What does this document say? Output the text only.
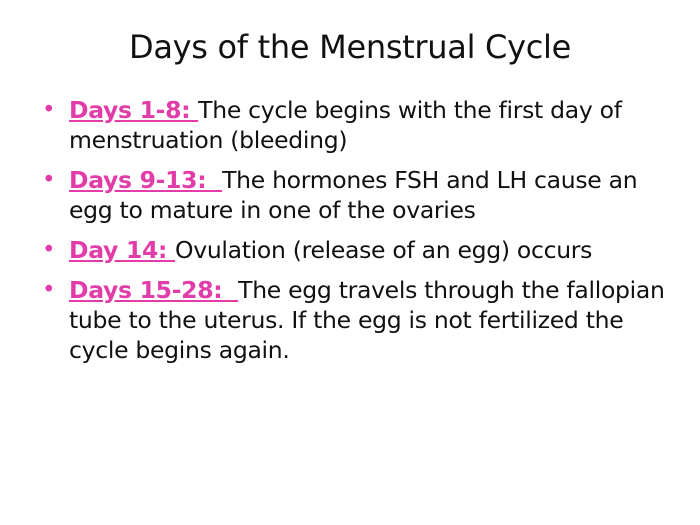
Days of the Menstrual Cycle
• Days 1-8: The cycle begins with the first day of menstruation (bleeding)
• Days 9-13:  The hormones FSH and LH cause an egg to mature in one of the ovaries
• Day 14: Ovulation (release of an egg) occurs
• Days 15-28:  The egg travels through the fallopian tube to the uterus. If the egg is not fertilized the cycle begins again.
